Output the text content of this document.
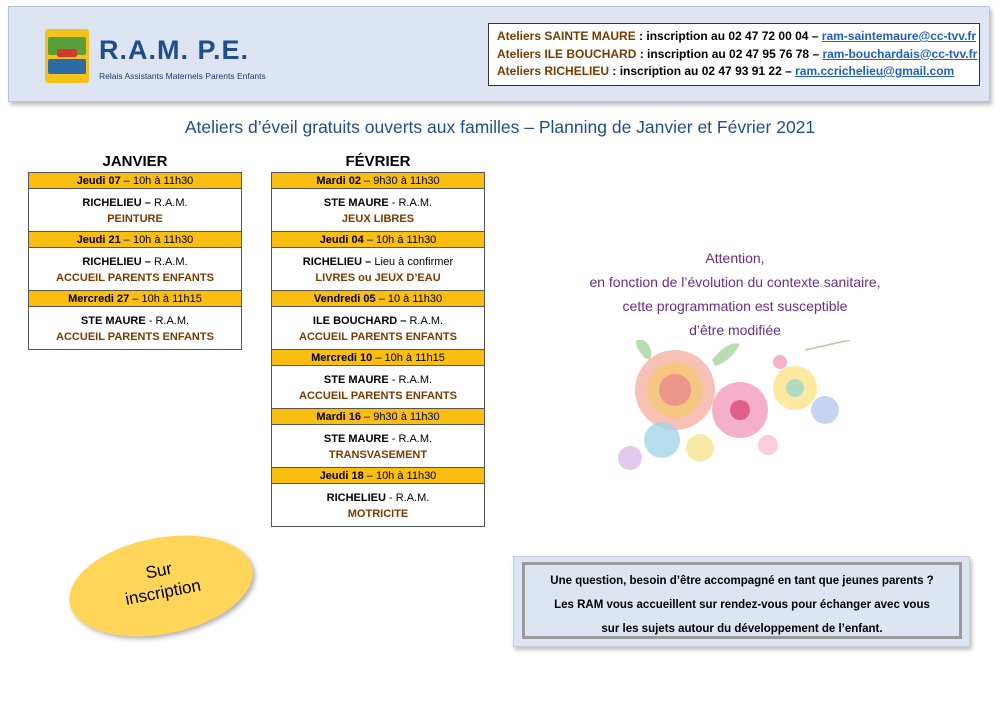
R.A.M. P.E.
Relais Assistants Maternels Parents Enfants
Ateliers SAINTE MAURE : inscription au 02 47 72 00 04 – ram-saintemaure@cc-tvv.fr
Ateliers ILE BOUCHARD : inscription au 02 47 95 76 78 – ram-bouchardais@cc-tvv.fr
Ateliers RICHELIEU : inscription au 02 47 93 91 22 – ram.ccrichelieu@gmail.com
Ateliers d’éveil gratuits ouverts aux familles – Planning de Janvier et Février 2021
JANVIER
Jeudi 07 – 10h à 11h30
RICHELIEU – R.A.M.
PEINTURE
Jeudi 21 – 10h à 11h30
RICHELIEU – R.A.M.
ACCUEIL PARENTS ENFANTS
Mercredi 27 – 10h à 11h15
STE MAURE - R.A.M.
ACCUEIL PARENTS ENFANTS
FÉVRIER
Mardi 02 – 9h30 à 11h30
STE MAURE - R.A.M.
JEUX LIBRES
Jeudi 04 – 10h à 11h30
RICHELIEU – Lieu à confirmer
LIVRES ou JEUX D’EAU
Vendredi 05 – 10 à 11h30
ILE BOUCHARD – R.A.M.
ACCUEIL PARENTS ENFANTS
Mercredi 10 – 10h à 11h15
STE MAURE - R.A.M.
ACCUEIL PARENTS ENFANTS
Mardi 16 – 9h30 à 11h30
STE MAURE - R.A.M.
TRANSVASEMENT
Jeudi 18 – 10h à 11h30
RICHELIEU - R.A.M.
MOTRICITE
Attention,
en fonction de l’évolution du contexte sanitaire,
cette programmation est susceptible
d’être modifiée
Sur
inscription	Une question, besoin d’être accompagné en tant que jeunes parents ?
Les RAM vous accueillent sur rendez-vous pour échanger avec vous
sur les sujets autour du développement de l’enfant.
